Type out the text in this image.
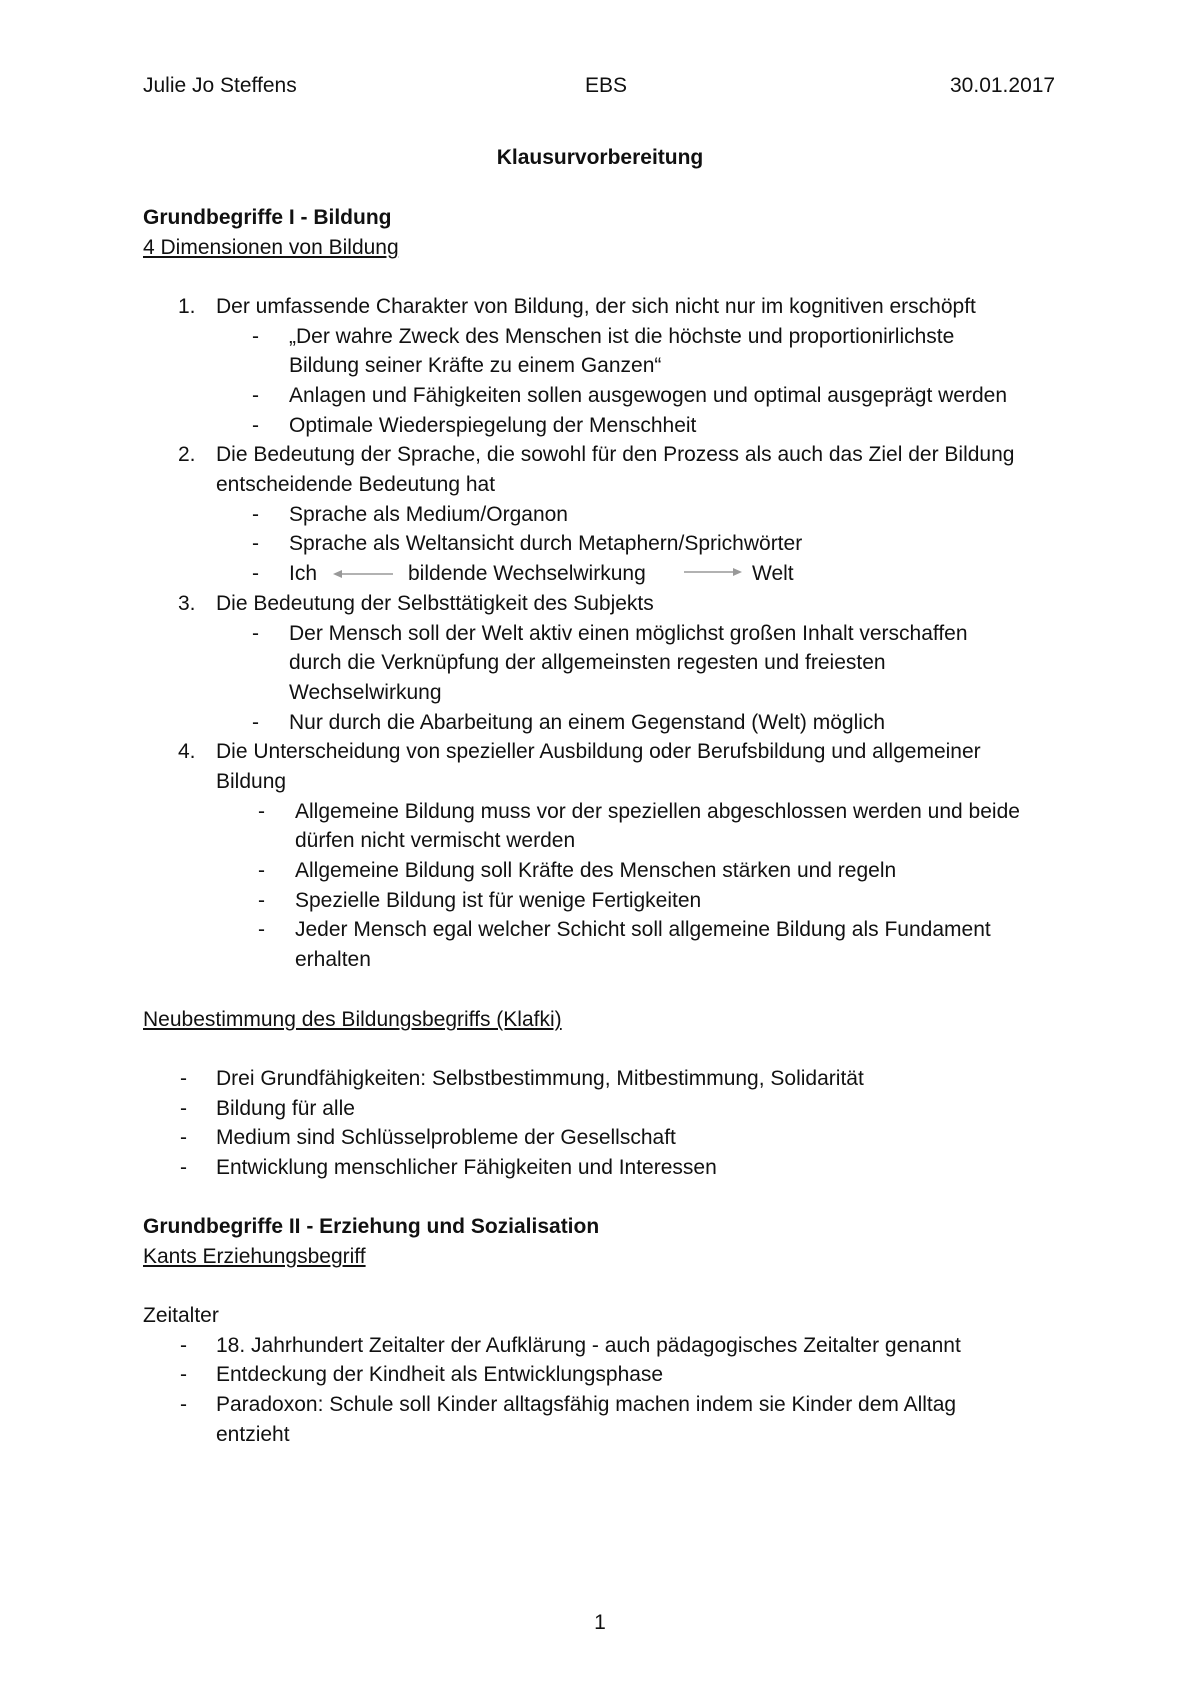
Julie Jo Steffens	EBS	30.01.2017
Klausurvorbereitung
Grundbegriffe I - Bildung
4 Dimensionen von Bildung
1. Der umfassende Charakter von Bildung, der sich nicht nur im kognitiven erschöpft
- „Der wahre Zweck des Menschen ist die höchste und proportionirlichste
Bildung seiner Kräfte zu einem Ganzen“
- Anlagen und Fähigkeiten sollen ausgewogen und optimal ausgeprägt werden
- Optimale Wiederspiegelung der Menschheit
2. Die Bedeutung der Sprache, die sowohl für den Prozess als auch das Ziel der Bildung
entscheidende Bedeutung hat
- Sprache als Medium/Organon
- Sprache als Weltansicht durch Metaphern/Sprichwörter
- Ich	bildende Wechselwirkung	Welt
3. Die Bedeutung der Selbsttätigkeit des Subjekts
- Der Mensch soll der Welt aktiv einen möglichst großen Inhalt verschaffen
durch die Verknüpfung der allgemeinsten regesten und freiesten
Wechselwirkung
- Nur durch die Abarbeitung an einem Gegenstand (Welt) möglich
4. Die Unterscheidung von spezieller Ausbildung oder Berufsbildung und allgemeiner
Bildung
- Allgemeine Bildung muss vor der speziellen abgeschlossen werden und beide
dürfen nicht vermischt werden
- Allgemeine Bildung soll Kräfte des Menschen stärken und regeln
- Spezielle Bildung ist für wenige Fertigkeiten
- Jeder Mensch egal welcher Schicht soll allgemeine Bildung als Fundament
erhalten
Neubestimmung des Bildungsbegriffs (Klafki)
- Drei Grundfähigkeiten: Selbstbestimmung, Mitbestimmung, Solidarität
- Bildung für alle
- Medium sind Schlüsselprobleme der Gesellschaft
- Entwicklung menschlicher Fähigkeiten und Interessen
Grundbegriffe II - Erziehung und Sozialisation
Kants Erziehungsbegriff
Zeitalter
- 18. Jahrhundert Zeitalter der Aufklärung - auch pädagogisches Zeitalter genannt
- Entdeckung der Kindheit als Entwicklungsphase
- Paradoxon: Schule soll Kinder alltagsfähig machen indem sie Kinder dem Alltag
entzieht
1
